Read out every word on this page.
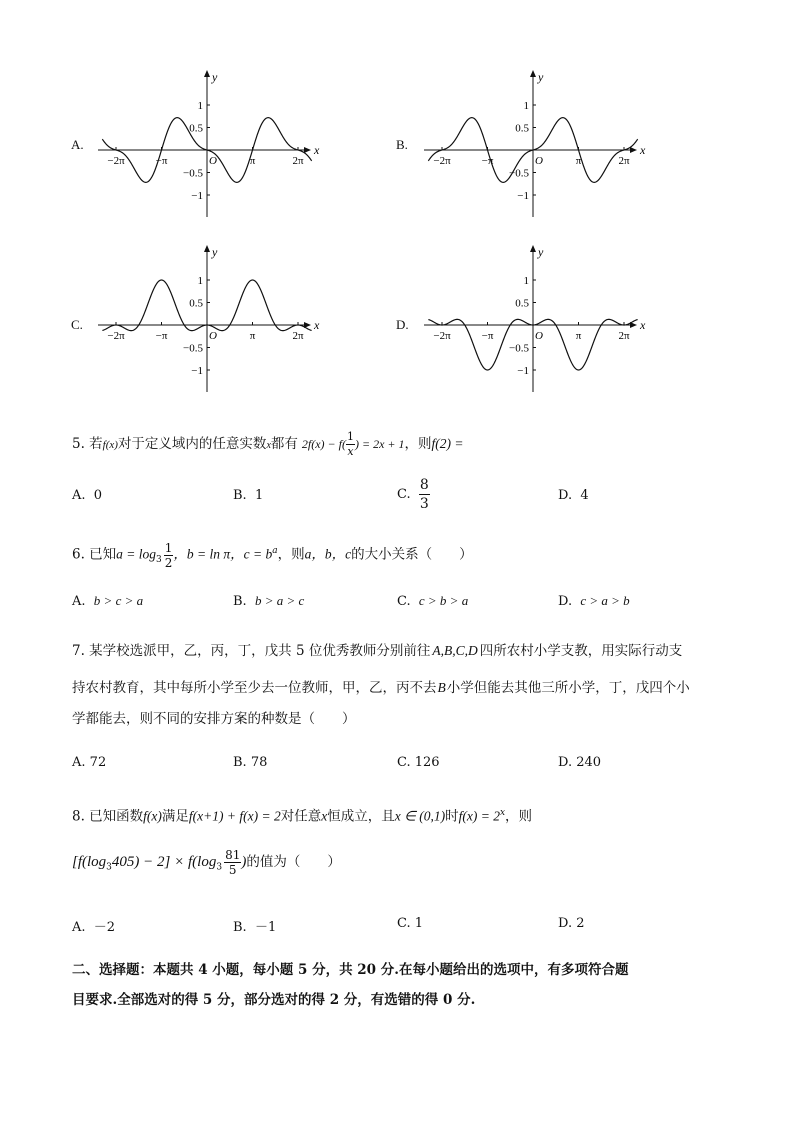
A.	x
y
−2π	−π	O	π	2π
1
0.5
−0.5
−1
B.	x
y
−2π	−π	O	π	2π
1
0.5
−0.5
−1
C.	x
y
−2π	−π	O	π	2π
1
0.5
−0.5
−1
D.	x
y
−2π	−π	O	π	2π
1
0.5
−0.5
−1
5. 若f(x)对于定义域内的任意实数x都有 $2f(x) - f( \frac{1}{x}$ ) = 2x + 1，则f(2) =
A. 0	B. 1	C. $\frac{8}{3}$	D. 4
6. 已知$a = \log_3 \frac{1}{2}$ ，b = ln π，$c = b^a$，则a，b，c的大小关系（　　）
A. b > c > a	B. b > a > c	C. c > b > a	D. c > a > b
7. 某学校选派甲，乙，丙，丁，戊共 5 位优秀教师分别前往 A,B,C,D 四所农村小学支教，用实际行动支
持农村教育，其中每所小学至少去一位教师，甲，乙，丙不去B小学但能去其他三所小学，丁，戊四个小
学都能去，则不同的安排方案的种数是（　　）
A. 72	B. 78	C. 126	D. 240
8. 已知函数f(x)满足f(x+1) + f(x) = 2对任意x恒成立，且x ∈ (0,1)时$f(x) = 2^x$，则
$[f(\log_3405) - 2] \times f(\log_3 \frac{81}{5}$ )的值为（　　）
A. －2	B. －1	C. 1	D. 2
二、选择题：本题共 4 小题，每小题 5 分，共 20 分.在每小题给出的选项中，有多项符合题
目要求.全部选对的得 5 分，部分选对的得 2 分，有选错的得 0 分.
